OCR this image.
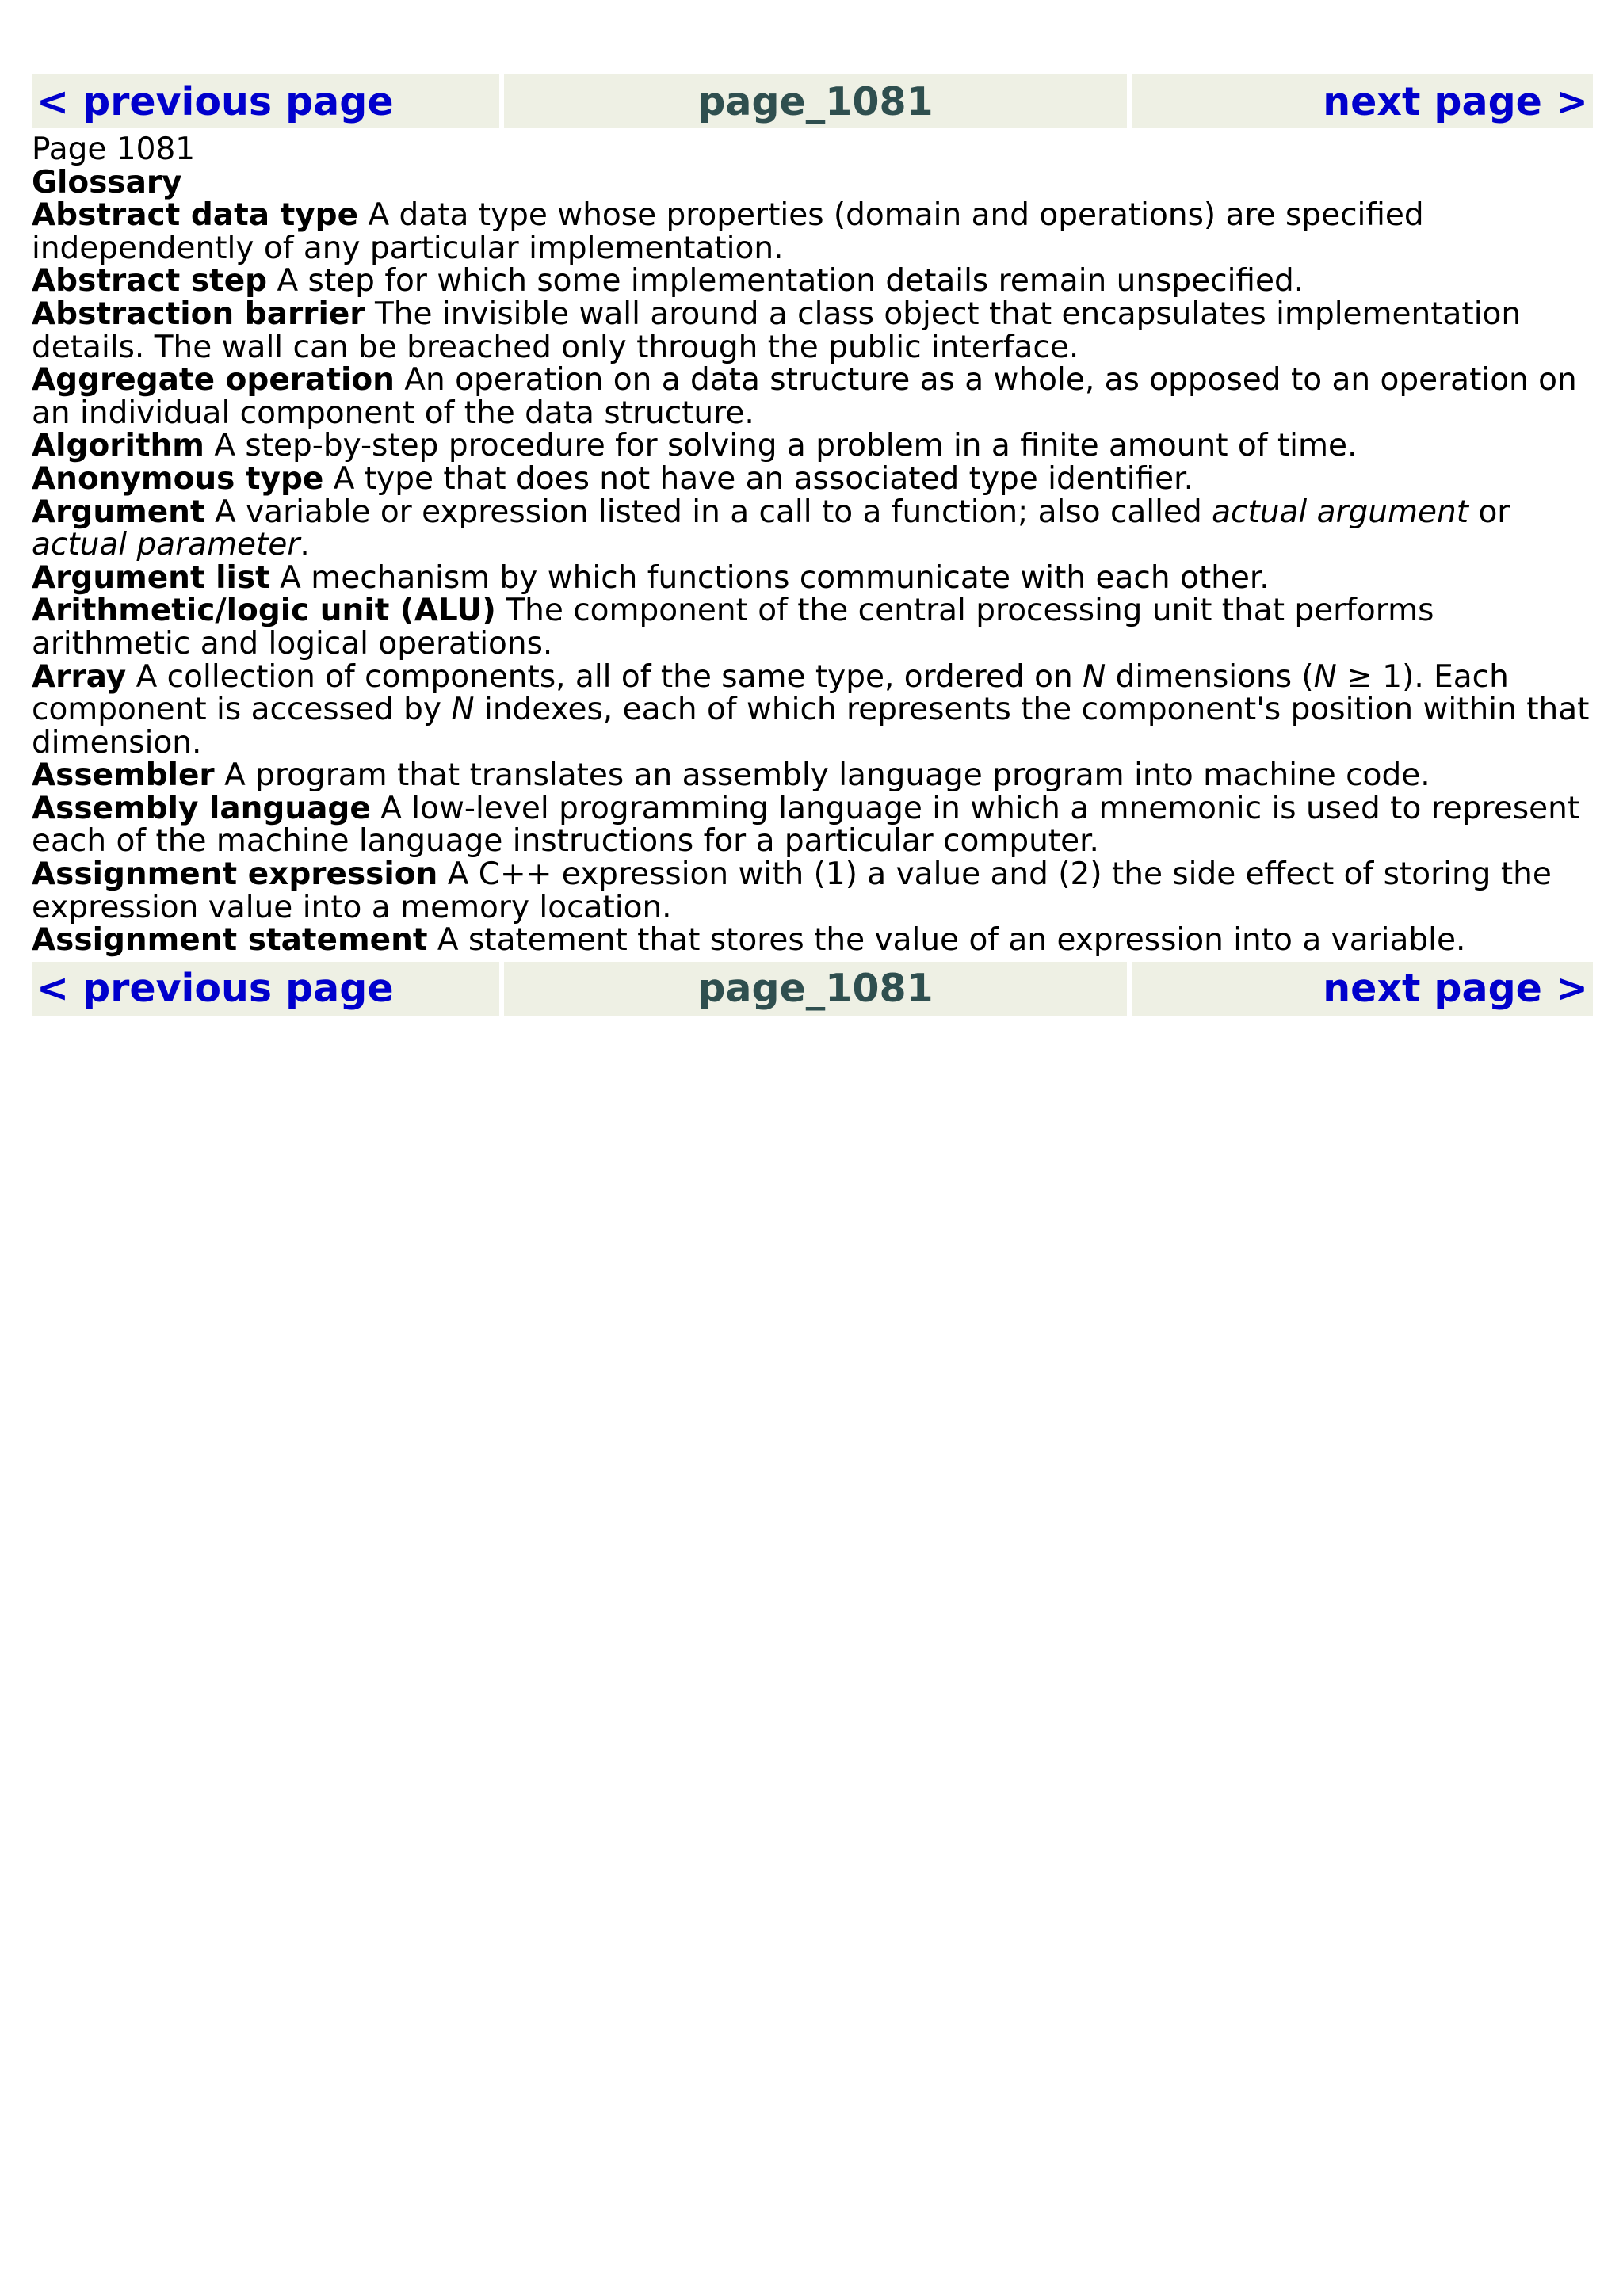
< previous page	page_1081	next page >

Page 1081

Glossary

Abstract data type A data type whose properties (domain and operations) are specified independently of any particular implementation.

Abstract step A step for which some implementation details remain unspecified.

Abstraction barrier The invisible wall around a class object that encapsulates implementation details. The wall can be breached only through the public interface.

Aggregate operation An operation on a data structure as a whole, as opposed to an operation on an individual component of the data structure.

Algorithm A step-by-step procedure for solving a problem in a finite amount of time.

Anonymous type A type that does not have an associated type identifier.

Argument A variable or expression listed in a call to a function; also called actual argument or actual parameter.

Argument list A mechanism by which functions communicate with each other.

Arithmetic/logic unit (ALU) The component of the central processing unit that performs arithmetic and logical operations.

Array A collection of components, all of the same type, ordered on N dimensions (N ≥ 1). Each component is accessed by N indexes, each of which represents the component's position within that dimension.

Assembler A program that translates an assembly language program into machine code.

Assembly language A low-level programming language in which a mnemonic is used to represent each of the machine language instructions for a particular computer.

Assignment expression A C++ expression with (1) a value and (2) the side effect of storing the expression value into a memory location.

Assignment statement A statement that stores the value of an expression into a variable.

< previous page	page_1081	next page >
